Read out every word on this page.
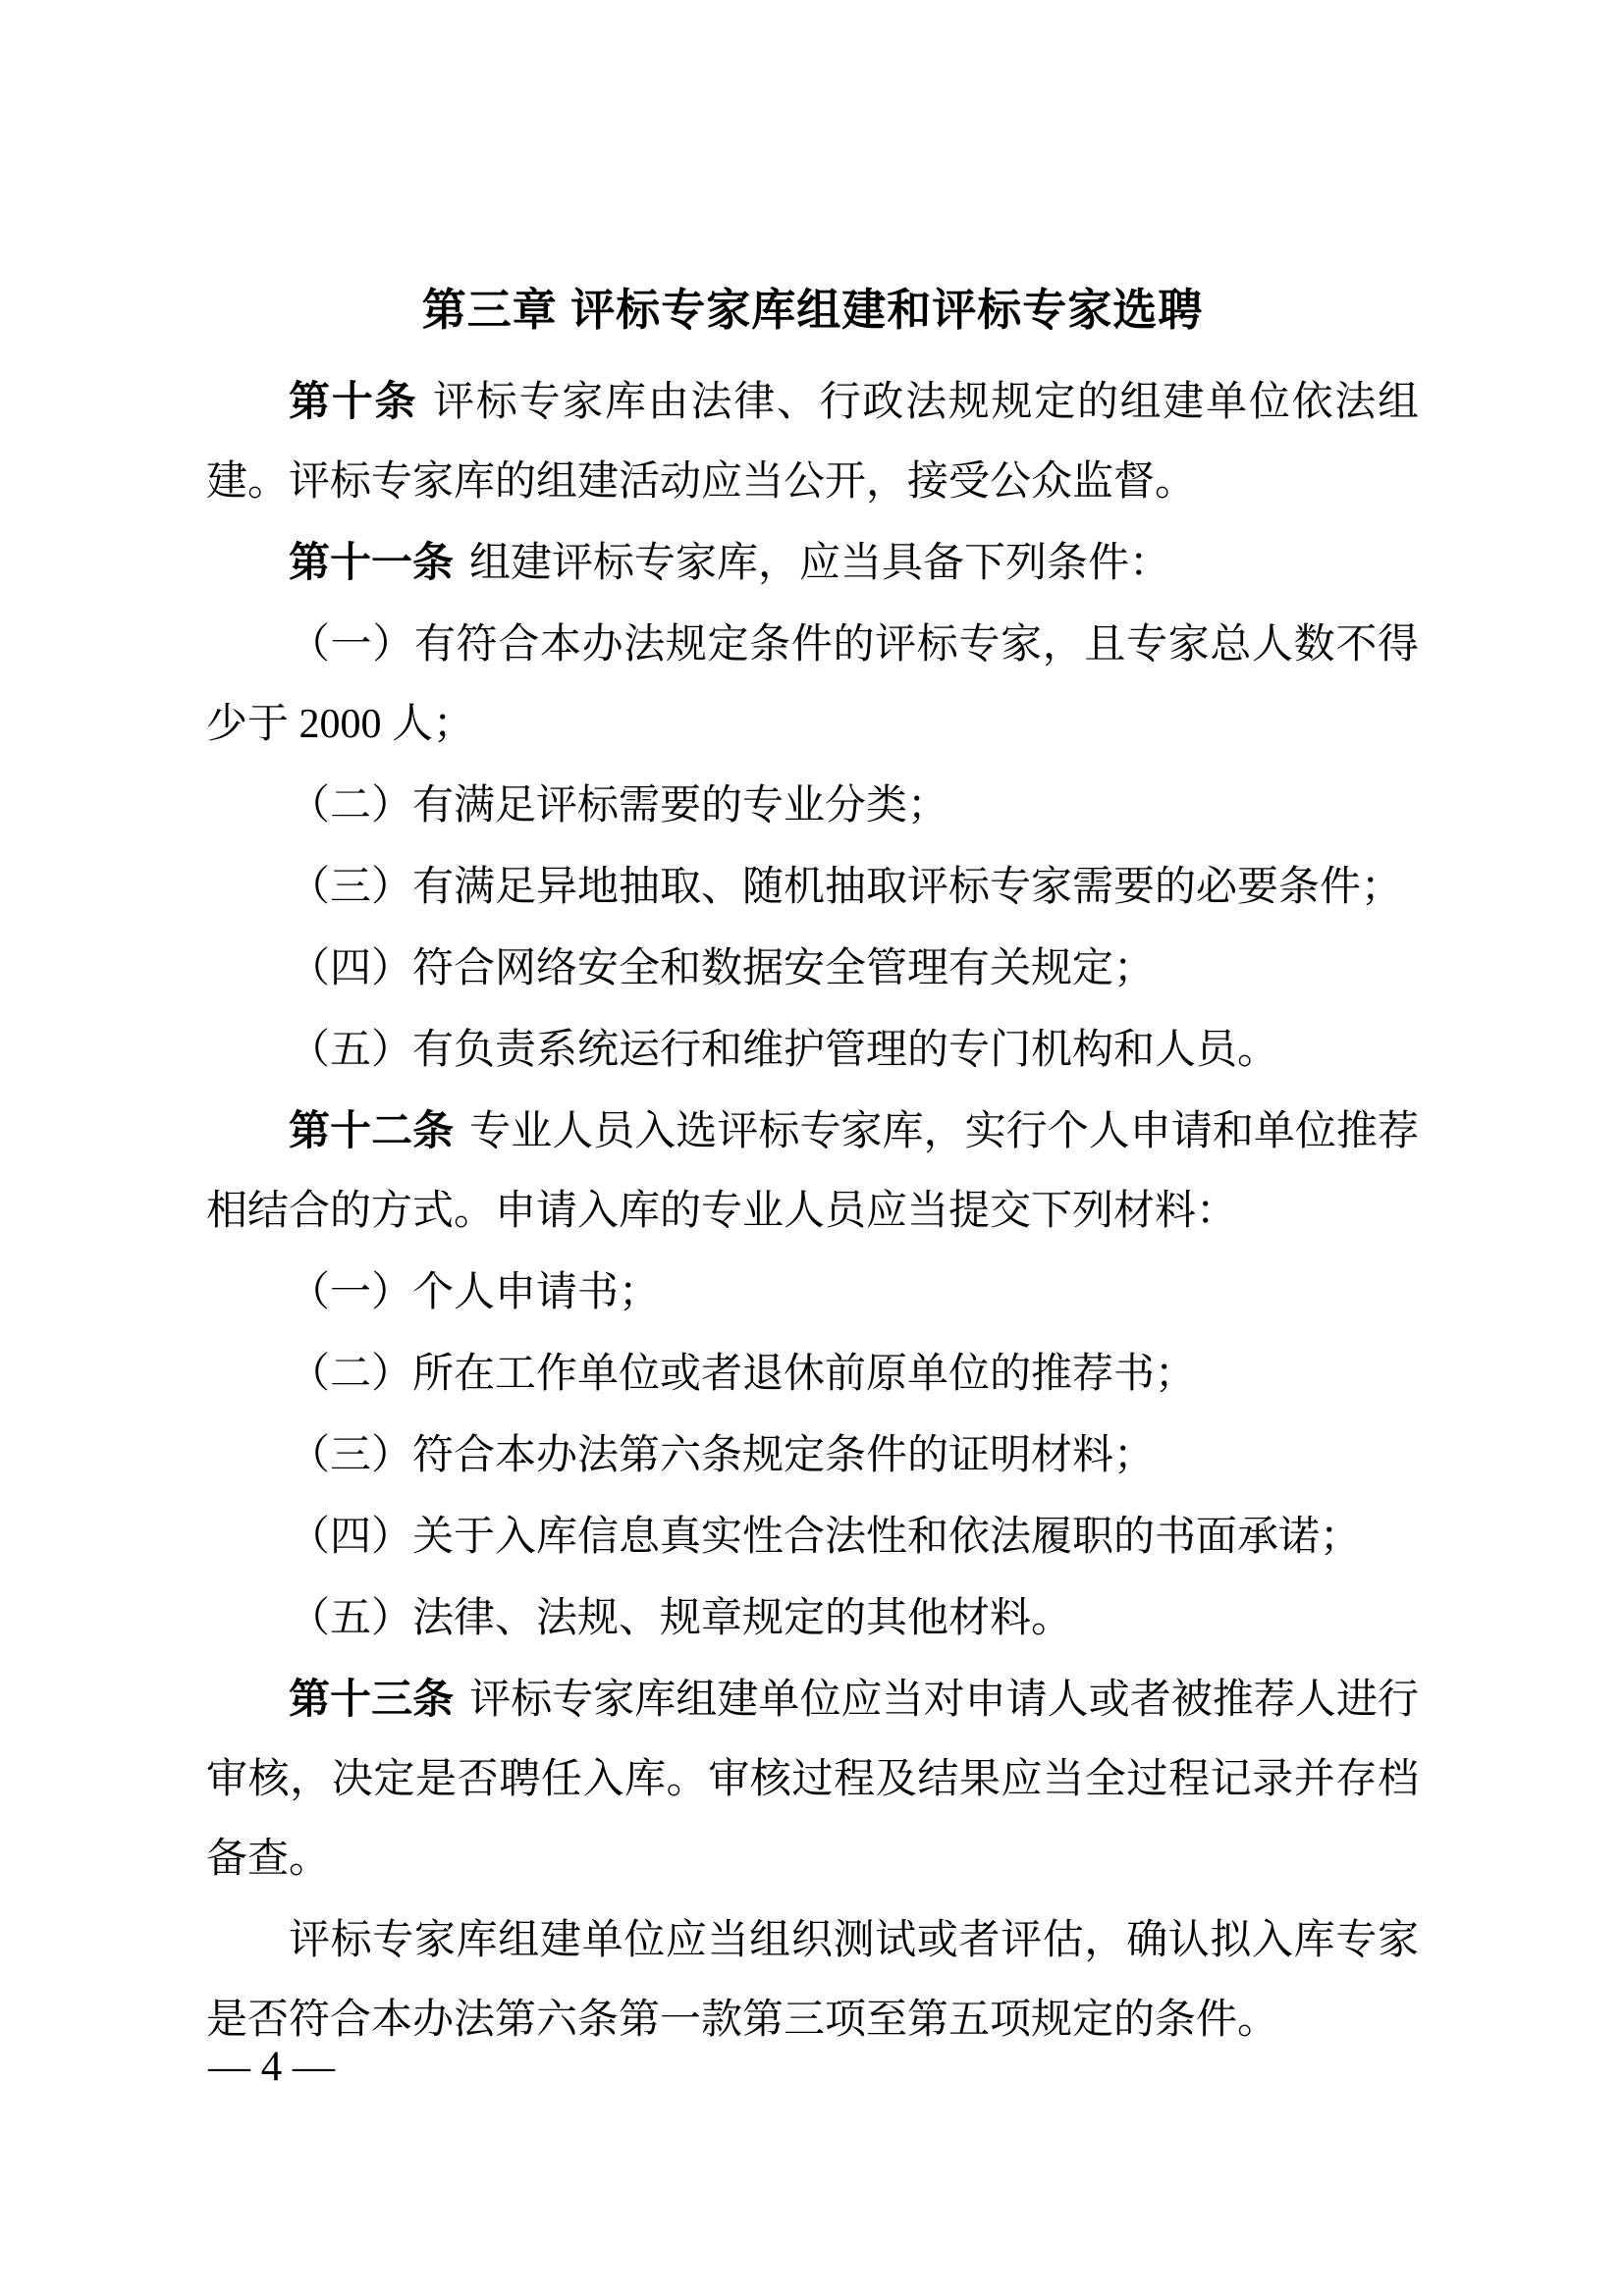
第三章 评标专家库组建和评标专家选聘

第十条 评标专家库由法律、行政法规规定的组建单位依法组建。评标专家库的组建活动应当公开，接受公众监督。

第十一条 组建评标专家库，应当具备下列条件：

（一）有符合本办法规定条件的评标专家，且专家总人数不得少于 2000 人；

（二）有满足评标需要的专业分类；

（三）有满足异地抽取、随机抽取评标专家需要的必要条件；

（四）符合网络安全和数据安全管理有关规定；

（五）有负责系统运行和维护管理的专门机构和人员。

第十二条 专业人员入选评标专家库，实行个人申请和单位推荐相结合的方式。申请入库的专业人员应当提交下列材料：

（一）个人申请书；

（二）所在工作单位或者退休前原单位的推荐书；

（三）符合本办法第六条规定条件的证明材料；

（四）关于入库信息真实性合法性和依法履职的书面承诺；

（五）法律、法规、规章规定的其他材料。

第十三条 评标专家库组建单位应当对申请人或者被推荐人进行审核，决定是否聘任入库。审核过程及结果应当全过程记录并存档备查。

评标专家库组建单位应当组织测试或者评估，确认拟入库专家是否符合本办法第六条第一款第三项至第五项规定的条件。

— 4 —
